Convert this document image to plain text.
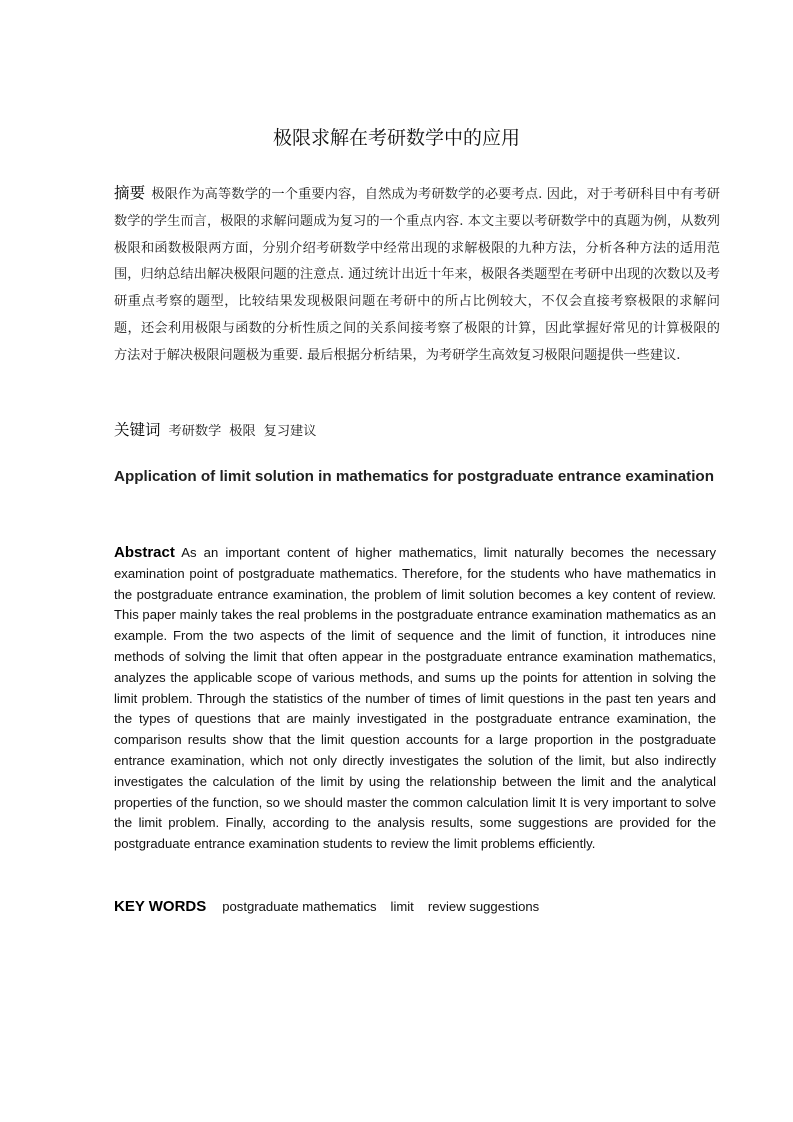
极限求解在考研数学中的应用
摘要 极限作为高等数学的一个重要内容，自然成为考研数学的必要考点. 因此，对于考研科目中有考研数学的学生而言，极限的求解问题成为复习的一个重点内容. 本文主要以考研数学中的真题为例，从数列极限和函数极限两方面，分别介绍考研数学中经常出现的求解极限的九种方法，分析各种方法的适用范围，归纳总结出解决极限问题的注意点. 通过统计出近十年来，极限各类题型在考研中出现的次数以及考研重点考察的题型，比较结果发现极限问题在考研中的所占比例较大，不仅会直接考察极限的求解问题，还会利用极限与函数的分析性质之间的关系间接考察了极限的计算，因此掌握好常见的计算极限的方法对于解决极限问题极为重要. 最后根据分析结果，为考研学生高效复习极限问题提供一些建议.
关键词 考研数学 极限 复习建议
Application of limit solution in mathematics for postgraduate entrance examination
Abstract As an important content of higher mathematics, limit naturally becomes the necessary examination point of postgraduate mathematics. Therefore, for the students who have mathematics in the postgraduate entrance examination, the problem of limit solution becomes a key content of review. This paper mainly takes the real problems in the postgraduate entrance examination mathematics as an example. From the two aspects of the limit of sequence and the limit of function, it introduces nine methods of solving the limit that often appear in the postgraduate entrance examination mathematics, analyzes the applicable scope of various methods, and sums up the points for attention in solving the limit problem. Through the statistics of the number of times of limit questions in the past ten years and the types of questions that are mainly investigated in the postgraduate entrance examination, the comparison results show that the limit question accounts for a large proportion in the postgraduate entrance examination, which not only directly investigates the solution of the limit, but also indirectly investigates the calculation of the limit by using the relationship between the limit and the analytical properties of the function, so we should master the common calculation limit It is very important to solve the limit problem. Finally, according to the analysis results, some suggestions are provided for the postgraduate entrance examination students to review the limit problems efficiently.
KEY WORDS postgraduate mathematics limit review suggestions
